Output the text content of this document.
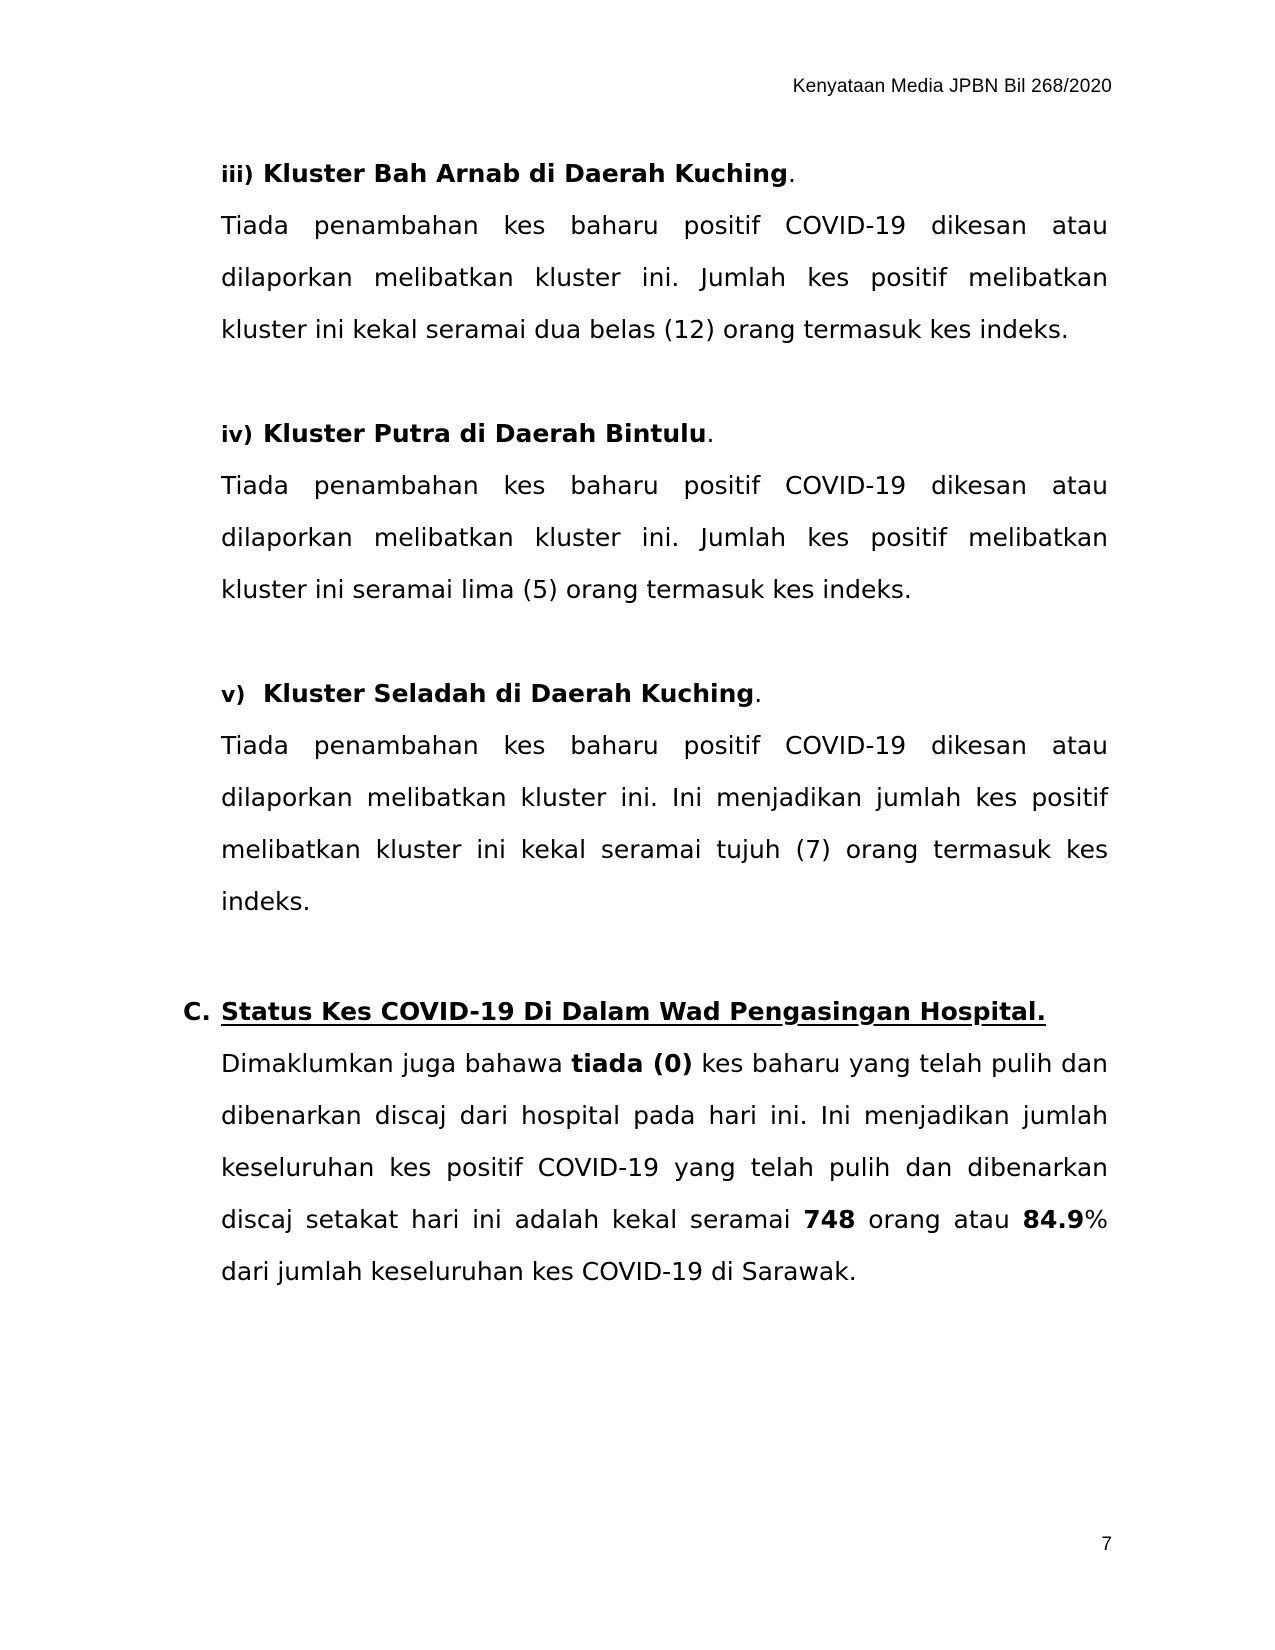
Kenyataan Media JPBN Bil 268/2020
iii) Kluster Bah Arnab di Daerah Kuching.

Tiada penambahan kes baharu positif COVID-19 dikesan atau dilaporkan melibatkan kluster ini. Jumlah kes positif melibatkan kluster ini kekal seramai dua belas (12) orang termasuk kes indeks.

iv) Kluster Putra di Daerah Bintulu.

Tiada penambahan kes baharu positif COVID-19 dikesan atau dilaporkan melibatkan kluster ini. Jumlah kes positif melibatkan kluster ini seramai lima (5) orang termasuk kes indeks.

v) Kluster Seladah di Daerah Kuching.

Tiada penambahan kes baharu positif COVID-19 dikesan atau dilaporkan melibatkan kluster ini. Ini menjadikan jumlah kes positif melibatkan kluster ini kekal seramai tujuh (7) orang termasuk kes indeks.

C. Status Kes COVID-19 Di Dalam Wad Pengasingan Hospital.

Dimaklumkan juga bahawa tiada (0) kes baharu yang telah pulih dan dibenarkan discaj dari hospital pada hari ini. Ini menjadikan jumlah keseluruhan kes positif COVID-19 yang telah pulih dan dibenarkan discaj setakat hari ini adalah kekal seramai 748 orang atau 84.9% dari jumlah keseluruhan kes COVID-19 di Sarawak.

7
